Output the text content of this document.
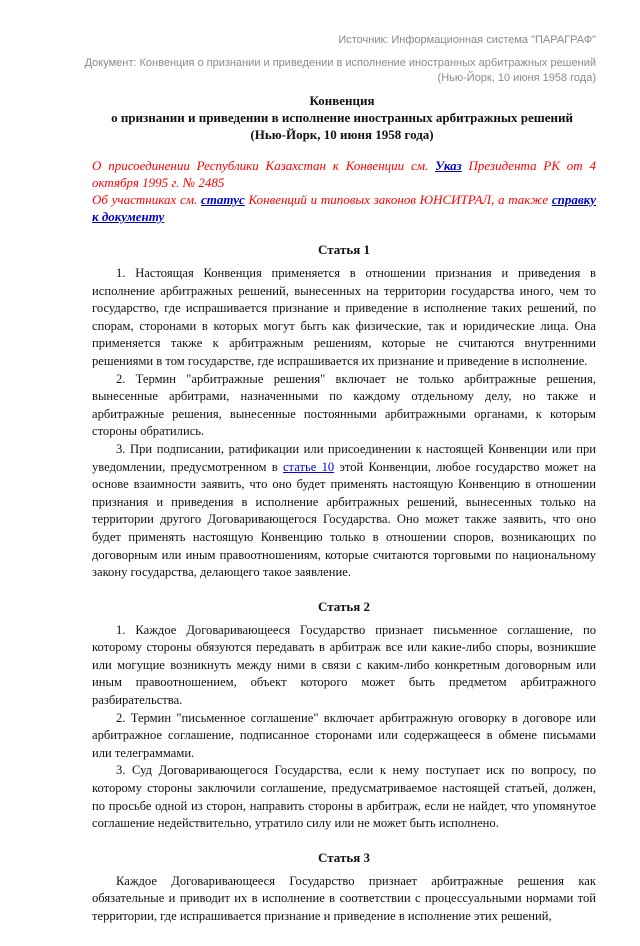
Источник: Информационная система "ПАРАГРАФ"
Документ: Конвенция о признании и приведении в исполнение иностранных арбитражных решений (Нью-Йорк, 10 июня 1958 года)
Конвенция
о признании и приведении в исполнение иностранных арбитражных решений
(Нью-Йорк, 10 июня 1958 года)
О присоединении Республики Казахстан к Конвенции см. Указ Президента РК от 4 октября 1995 г. № 2485
Об участниках см. статус Конвенций и типовых законов ЮНСИТРАЛ, а также справку к документу
Статья 1

1. Настоящая Конвенция применяется в отношении признания и приведения в исполнение арбитражных решений, вынесенных на территории государства иного, чем то государство, где испрашивается признание и приведение в исполнение таких решений, по спорам, сторонами в которых могут быть как физические, так и юридические лица. Она применяется также к арбитражным решениям, которые не считаются внутренними решениями в том государстве, где испрашивается их признание и приведение в исполнение.

2. Термин "арбитражные решения" включает не только арбитражные решения, вынесенные арбитрами, назначенными по каждому отдельному делу, но также и арбитражные решения, вынесенные постоянными арбитражными органами, к которым стороны обратились.

3. При подписании, ратификации или присоединении к настоящей Конвенции или при уведомлении, предусмотренном в статье 10 этой Конвенции, любое государство может на основе взаимности заявить, что оно будет применять настоящую Конвенцию в отношении признания и приведения в исполнение арбитражных решений, вынесенных только на территории другого Договаривающегося Государства. Оно может также заявить, что оно будет применять настоящую Конвенцию только в отношении споров, возникающих по договорным или иным правоотношениям, которые считаются торговыми по национальному закону государства, делающего такое заявление.

Статья 2

1. Каждое Договаривающееся Государство признает письменное соглашение, по которому стороны обязуются передавать в арбитраж все или какие-либо споры, возникшие или могущие возникнуть между ними в связи с каким-либо конкретным договорным или иным правоотношением, объект которого может быть предметом арбитражного разбирательства.

2. Термин "письменное соглашение" включает арбитражную оговорку в договоре или арбитражное соглашение, подписанное сторонами или содержащееся в обмене письмами или телеграммами.

3. Суд Договаривающегося Государства, если к нему поступает иск по вопросу, по которому стороны заключили соглашение, предусматриваемое настоящей статьей, должен, по просьбе одной из сторон, направить стороны в арбитраж, если не найдет, что упомянутое соглашение недействительно, утратило силу или не может быть исполнено.

Статья 3

Каждое Договаривающееся Государство признает арбитражные решения как обязательные и приводит их в исполнение в соответствии с процессуальными нормами той территории, где испрашивается признание и приведение в исполнение этих решений,
